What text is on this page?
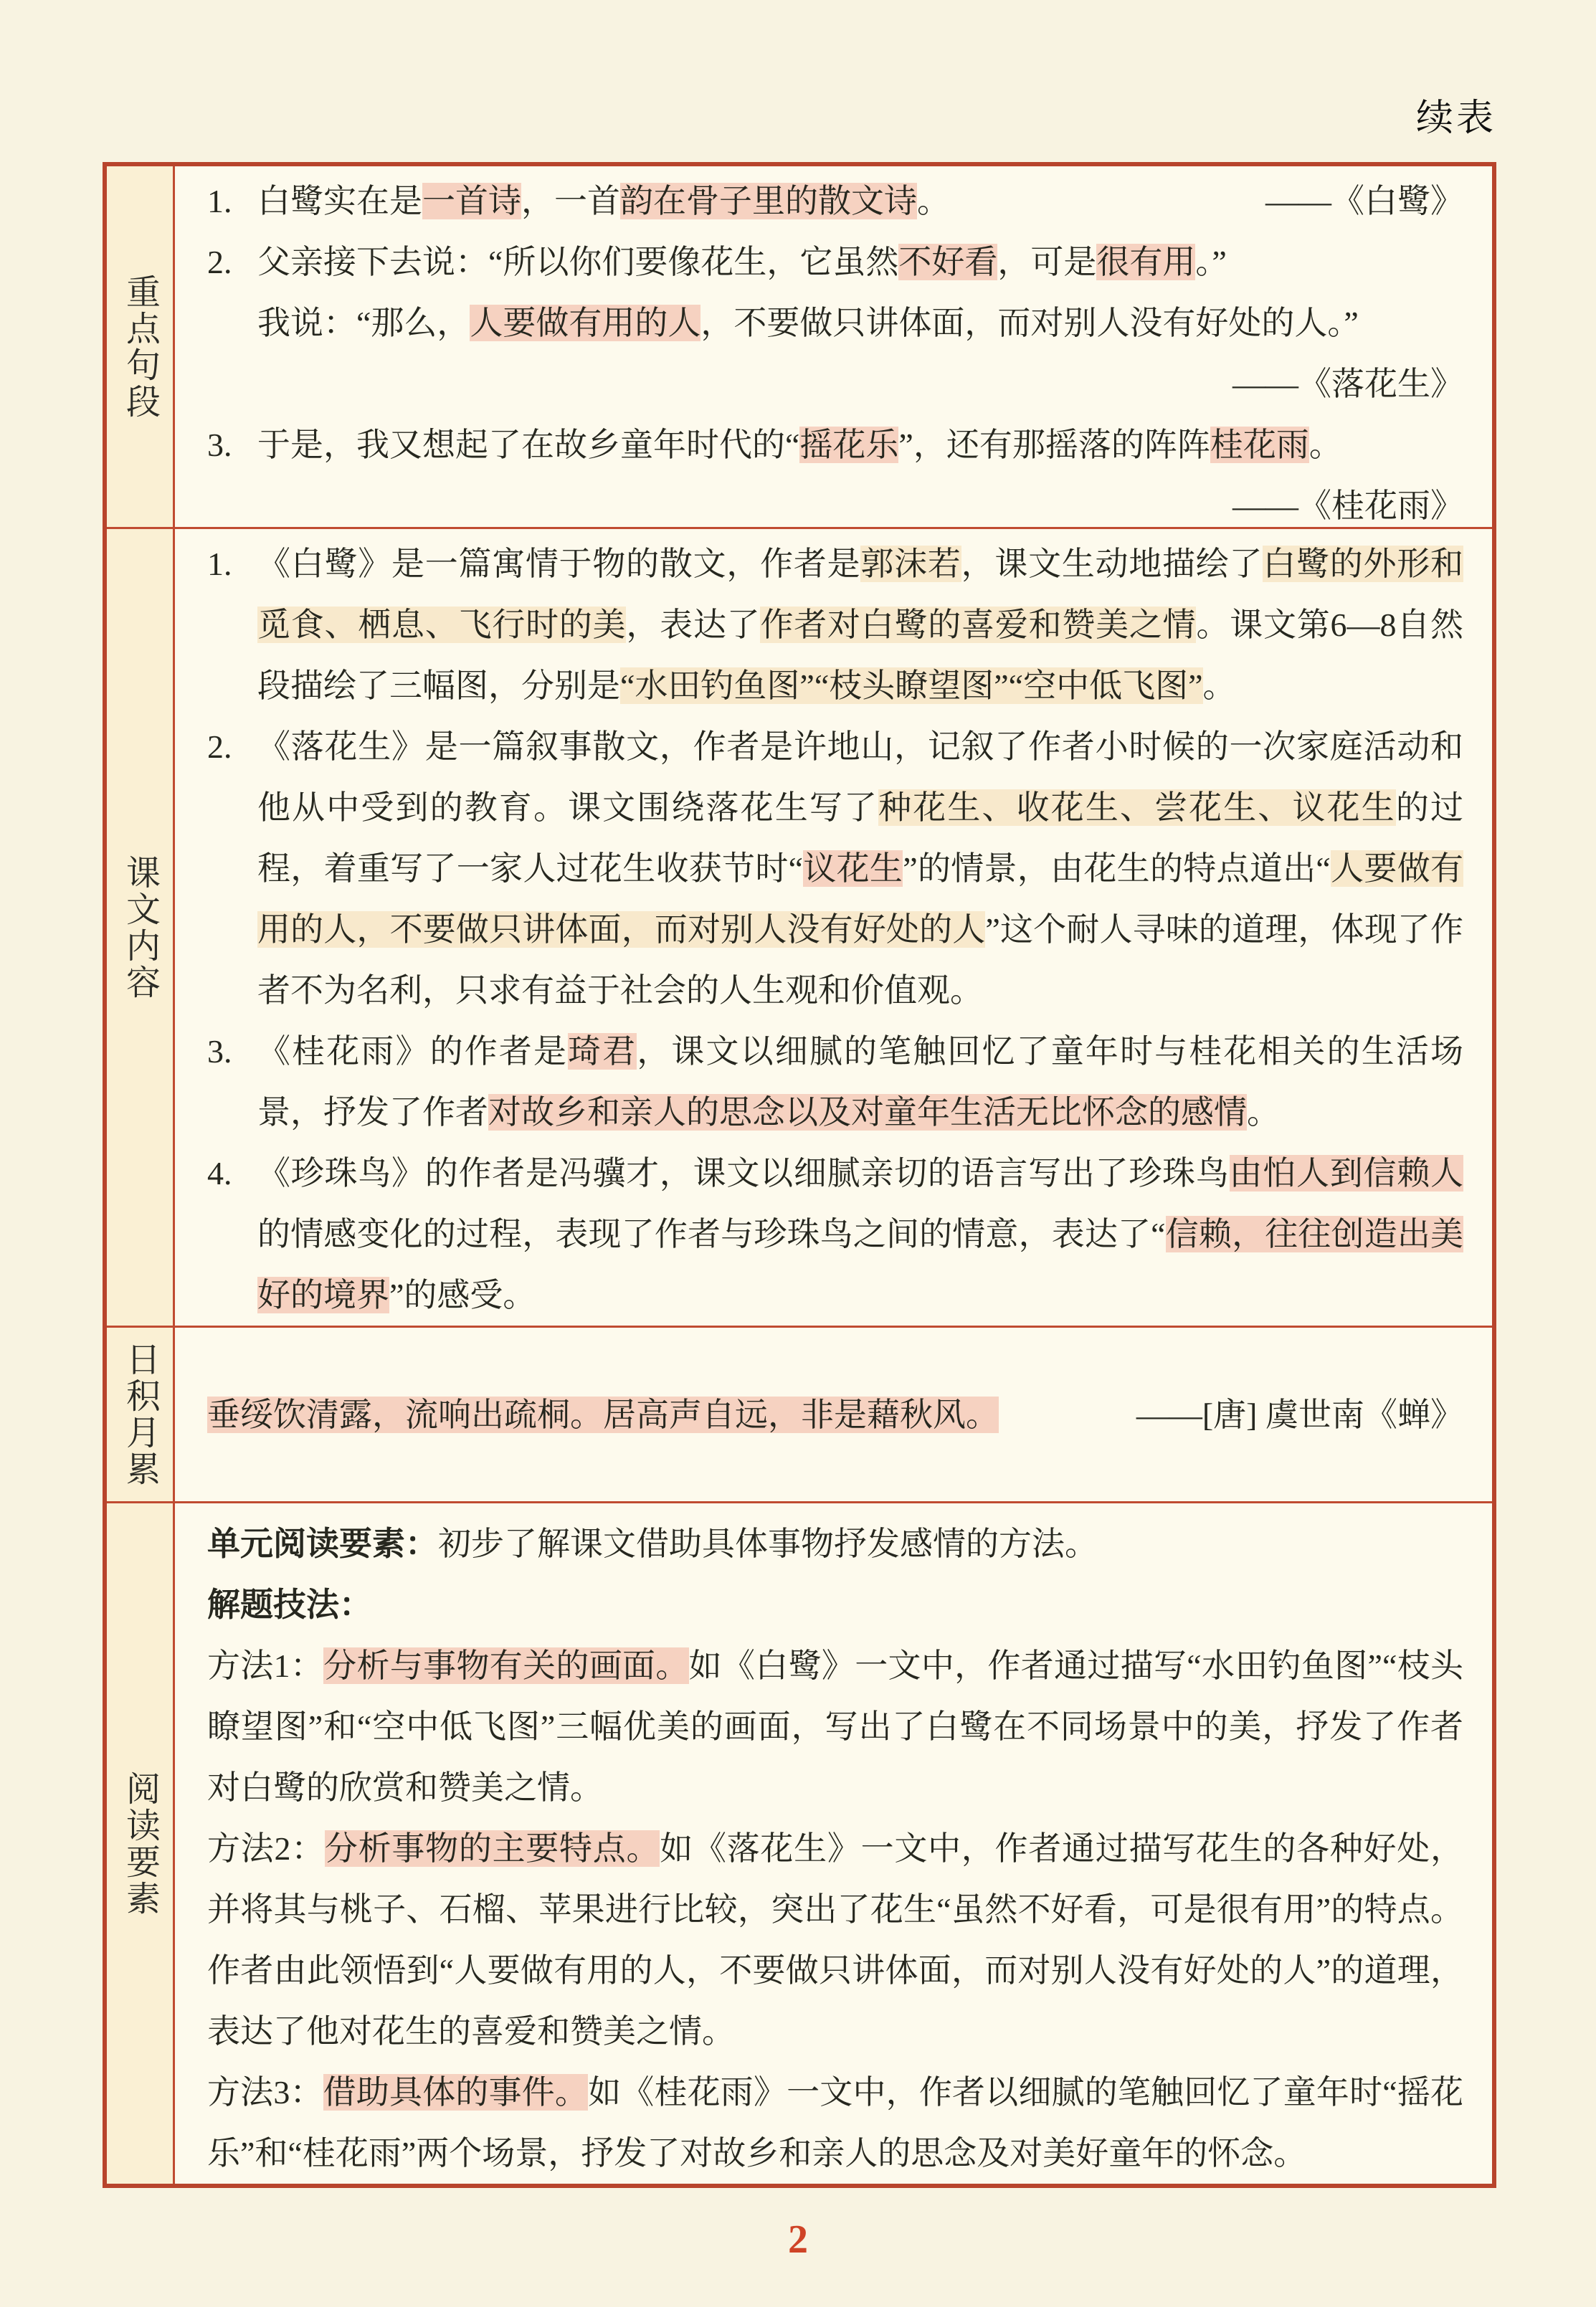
续表
重点句段
1.	——《白鹭》
白鹭实在是一首诗，一首韵在骨子里的散文诗。
2. 父亲接下去说：“所以你们要像花生，它虽然不好看，可是很有用。”
我说：“那么，人要做有用的人，不要做只讲体面，而对别人没有好处的人。”
——《落花生》
3. 于是，我又想起了在故乡童年时代的“摇花乐”，还有那摇落的阵阵桂花雨。
——《桂花雨》
课文内容
1. 《白鹭》是一篇寓情于物的散文，作者是郭沫若，课文生动地描绘了白鹭的外形和觅食、栖息、飞行时的美，表达了作者对白鹭的喜爱和赞美之情。课文第6—8自然段描绘了三幅图，分别是“水田钓鱼图”“枝头瞭望图”“空中低飞图”。
2. 《落花生》是一篇叙事散文，作者是许地山，记叙了作者小时候的一次家庭活动和他从中受到的教育。课文围绕落花生写了种花生、收花生、尝花生、议花生的过程，着重写了一家人过花生收获节时“议花生”的情景，由花生的特点道出“人要做有用的人，不要做只讲体面，而对别人没有好处的人”这个耐人寻味的道理，体现了作者不为名利，只求有益于社会的人生观和价值观。
3. 《桂花雨》的作者是琦君，课文以细腻的笔触回忆了童年时与桂花相关的生活场景，抒发了作者对故乡和亲人的思念以及对童年生活无比怀念的感情。
4. 《珍珠鸟》的作者是冯骥才，课文以细腻亲切的语言写出了珍珠鸟由怕人到信赖人的情感变化的过程，表现了作者与珍珠鸟之间的情意，表达了“信赖，往往创造出美好的境界”的感受。
日积月累	——[唐] 虞世南《蝉》
垂绥饮清露，流响出疏桐。居高声自远，非是藉秋风。
阅读要素
单元阅读要素：初步了解课文借助具体事物抒发感情的方法。
解题技法：
方法1：分析与事物有关的画面。如《白鹭》一文中，作者通过描写“水田钓鱼图”“枝头瞭望图”和“空中低飞图”三幅优美的画面，写出了白鹭在不同场景中的美，抒发了作者对白鹭的欣赏和赞美之情。
方法2：分析事物的主要特点。如《落花生》一文中，作者通过描写花生的各种好处，并将其与桃子、石榴、苹果进行比较，突出了花生“虽然不好看，可是很有用”的特点。作者由此领悟到“人要做有用的人，不要做只讲体面，而对别人没有好处的人”的道理，表达了他对花生的喜爱和赞美之情。
方法3：借助具体的事件。如《桂花雨》一文中，作者以细腻的笔触回忆了童年时“摇花乐”和“桂花雨”两个场景，抒发了对故乡和亲人的思念及对美好童年的怀念。
2
